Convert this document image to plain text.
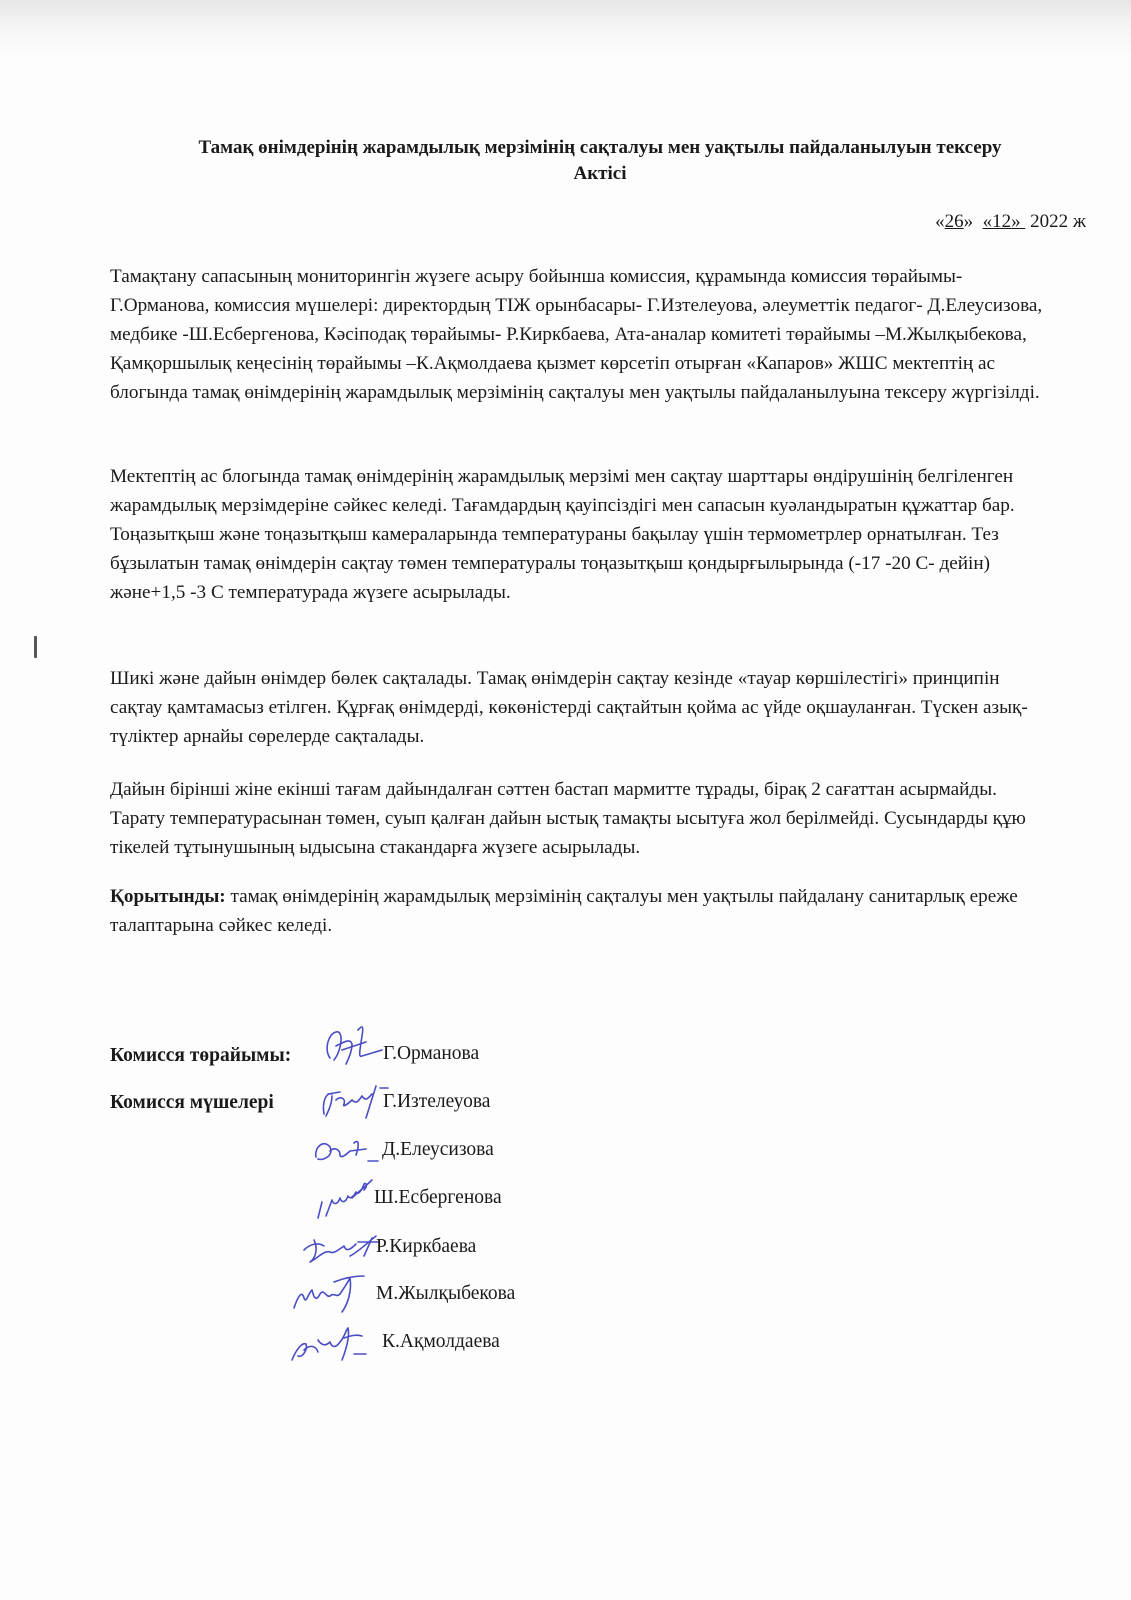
Тамақ өнімдерінің жарамдылық мерзімінің сақталуы мен уақтылы пайдаланылуын тексеру
Актісі
«26» «12» 2022 ж
Тамақтану сапасының мониторингін жүзеге асыру бойынша комиссия, құрамында комиссия төрайымы- Г.Орманова, комиссия мүшелері: директордың ТІЖ орынбасары- Г.Изтелеуова, әлеуметтік педагог- Д.Елеусизова, медбике -Ш.Есбергенова, Кәсіподақ төрайымы- Р.Киркбаева, Ата-аналар комитеті төрайымы –М.Жылқыбекова, Қамқоршылық кеңесінің төрайымы –К.Ақмолдаева қызмет көрсетіп отырған «Капаров» ЖШС мектептің ас блогында тамақ өнімдерінің жарамдылық мерзімінің сақталуы мен уақтылы пайдаланылуына тексеру жүргізілді.
Мектептің ас блогында тамақ өнімдерінің жарамдылық мерзімі мен сақтау шарттары өндірушінің белгіленген жарамдылық мерзімдеріне сәйкес келеді. Тағамдардың қауіпсіздігі мен сапасын куәландыратын құжаттар бар. Тоңазытқыш және тоңазытқыш камераларында температураны бақылау үшін термометрлер орнатылған. Тез бұзылатын тамақ өнімдерін сақтау төмен температуралы тоңазытқыш қондырғылырында (-17 -20 С- дейін) және+1,5 -3 С температурада жүзеге асырылады.
Шикі және дайын өнімдер бөлек сақталады. Тамақ өнімдерін сақтау кезінде «тауар көршілестігі» принципін сақтау қамтамасыз етілген. Құрғақ өнімдерді, көкөністерді сақтайтын қойма ас үйде оқшауланған. Түскен азық-түліктер арнайы сөрелерде сақталады.
Дайын бірінші жіне екінші тағам дайындалған сәттен бастап мармитте тұрады, бірақ 2 сағаттан асырмайды. Тарату температурасынан төмен, суып қалған дайын ыстық тамақты ысытуға жол берілмейді. Сусындарды құю тікелей тұтынушының ыдысына стакандарға жүзеге асырылады.
Қорытынды: тамақ өнімдерінің жарамдылық мерзімінің сақталуы мен уақтылы пайдалану санитарлық ереже талаптарына сәйкес келеді.
Комисся төрайымы:	Г.Орманова
Комисся мүшелері	Г.Изтелеуова
Д.Елеусизова
Ш.Есбергенова
Р.Киркбаева
М.Жылқыбекова
К.Ақмолдаева
